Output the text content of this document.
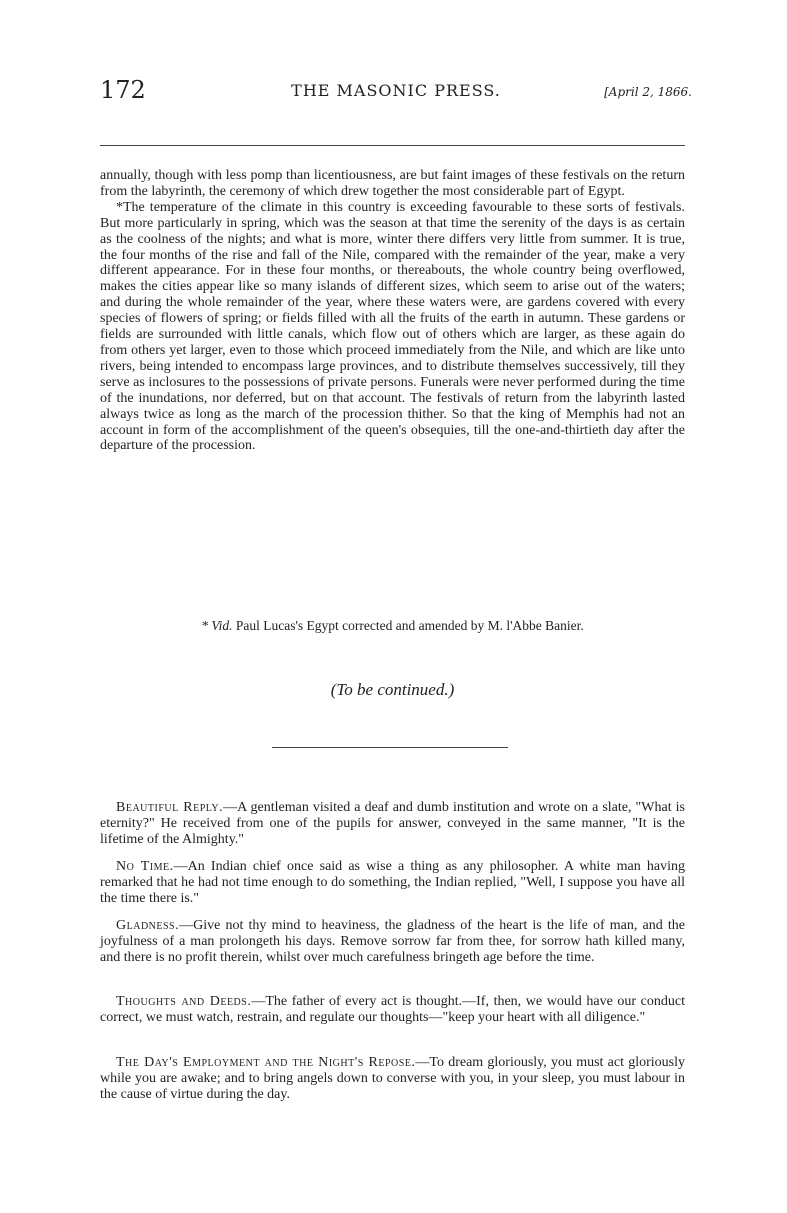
172	THE MASONIC PRESS.	[April 2, 1866.

annually, though with less pomp than licentiousness, are but faint images of these festivals on the return from the labyrinth, the ceremony of which drew together the most considerable part of Egypt.

*The temperature of the climate in this country is exceeding favourable to these sorts of festivals. But more particularly in spring, which was the season at that time the serenity of the days is as certain as the coolness of the nights; and what is more, winter there differs very little from summer. It is true, the four months of the rise and fall of the Nile, compared with the remainder of the year, make a very different appearance. For in these four months, or thereabouts, the whole country being overflowed, makes the cities appear like so many islands of different sizes, which seem to arise out of the waters; and during the whole remainder of the year, where these waters were, are gardens covered with every species of flowers of spring; or fields filled with all the fruits of the earth in autumn. These gardens or fields are surrounded with little canals, which flow out of others which are larger, as these again do from others yet larger, even to those which proceed immediately from the Nile, and which are like unto rivers, being intended to encompass large provinces, and to distribute themselves successively, till they serve as inclosures to the possessions of private persons. Funerals were never performed during the time of the inundations, nor deferred, but on that account. The festivals of return from the labyrinth lasted always twice as long as the march of the procession thither. So that the king of Memphis had not an account in form of the accomplishment of the queen's obsequies, till the one-and-thirtieth day after the departure of the procession.

* Vid. Paul Lucas's Egypt corrected and amended by M. l'Abbe Banier.
(To be continued.)

Beautiful Reply.—A gentleman visited a deaf and dumb institution and wrote on a slate, "What is eternity?" He received from one of the pupils for answer, conveyed in the same manner, "It is the lifetime of the Almighty."

No Time.—An Indian chief once said as wise a thing as any philosopher. A white man having remarked that he had not time enough to do something, the Indian replied, "Well, I suppose you have all the time there is."

Gladness.—Give not thy mind to heaviness, the gladness of the heart is the life of man, and the joyfulness of a man prolongeth his days. Remove sorrow far from thee, for sorrow hath killed many, and there is no profit therein, whilst over much carefulness bringeth age before the time.

Thoughts and Deeds.—The father of every act is thought.—If, then, we would have our conduct correct, we must watch, restrain, and regulate our thoughts—"keep your heart with all diligence."

The Day's Employment and the Night's Repose.—To dream gloriously, you must act gloriously while you are awake; and to bring angels down to converse with you, in your sleep, you must labour in the cause of virtue during the day.
